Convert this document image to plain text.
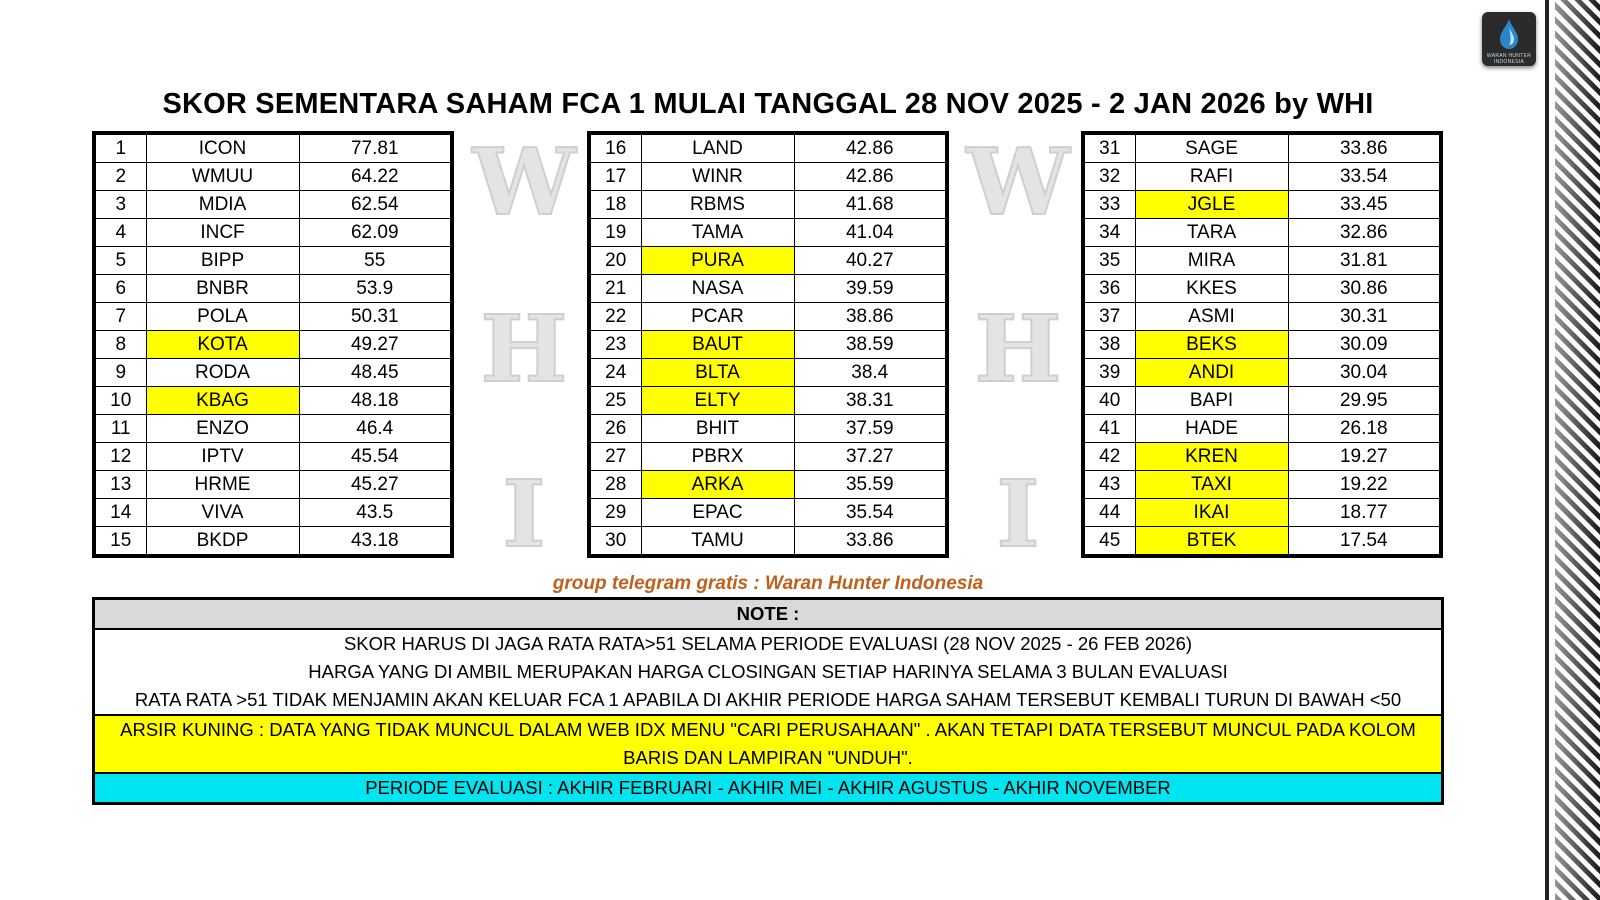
WARAN HUNTER INDONESIA
SKOR SEMENTARA SAHAM FCA 1 MULAI TANGGAL 28 NOV 2025 - 2 JAN 2026 by WHI
W
H
I
W
H
I
1	ICON	77.81
2	WMUU	64.22
3	MDIA	62.54
4	INCF	62.09
5	BIPP	55
6	BNBR	53.9
7	POLA	50.31
8	KOTA	49.27
9	RODA	48.45
10	KBAG	48.18
11	ENZO	46.4
12	IPTV	45.54
13	HRME	45.27
14	VIVA	43.5
15	BKDP	43.18
16	LAND	42.86
17	WINR	42.86
18	RBMS	41.68
19	TAMA	41.04
20	PURA	40.27
21	NASA	39.59
22	PCAR	38.86
23	BAUT	38.59
24	BLTA	38.4
25	ELTY	38.31
26	BHIT	37.59
27	PBRX	37.27
28	ARKA	35.59
29	EPAC	35.54
30	TAMU	33.86
31	SAGE	33.86
32	RAFI	33.54
33	JGLE	33.45
34	TARA	32.86
35	MIRA	31.81
36	KKES	30.86
37	ASMI	30.31
38	BEKS	30.09
39	ANDI	30.04
40	BAPI	29.95
41	HADE	26.18
42	KREN	19.27
43	TAXI	19.22
44	IKAI	18.77
45	BTEK	17.54
group telegram gratis : Waran Hunter Indonesia
NOTE :
SKOR HARUS DI JAGA RATA RATA>51 SELAMA PERIODE EVALUASI (28 NOV 2025 - 26 FEB 2026)
HARGA YANG DI AMBIL MERUPAKAN HARGA CLOSINGAN SETIAP HARINYA SELAMA 3 BULAN EVALUASI
RATA RATA >51 TIDAK MENJAMIN AKAN KELUAR FCA 1 APABILA DI AKHIR PERIODE HARGA SAHAM TERSEBUT KEMBALI TURUN DI BAWAH <50
ARSIR KUNING : DATA YANG TIDAK MUNCUL DALAM WEB IDX MENU "CARI PERUSAHAAN" . AKAN TETAPI DATA TERSEBUT MUNCUL PADA KOLOM BARIS DAN LAMPIRAN "UNDUH".
PERIODE EVALUASI : AKHIR FEBRUARI - AKHIR MEI - AKHIR AGUSTUS - AKHIR NOVEMBER
